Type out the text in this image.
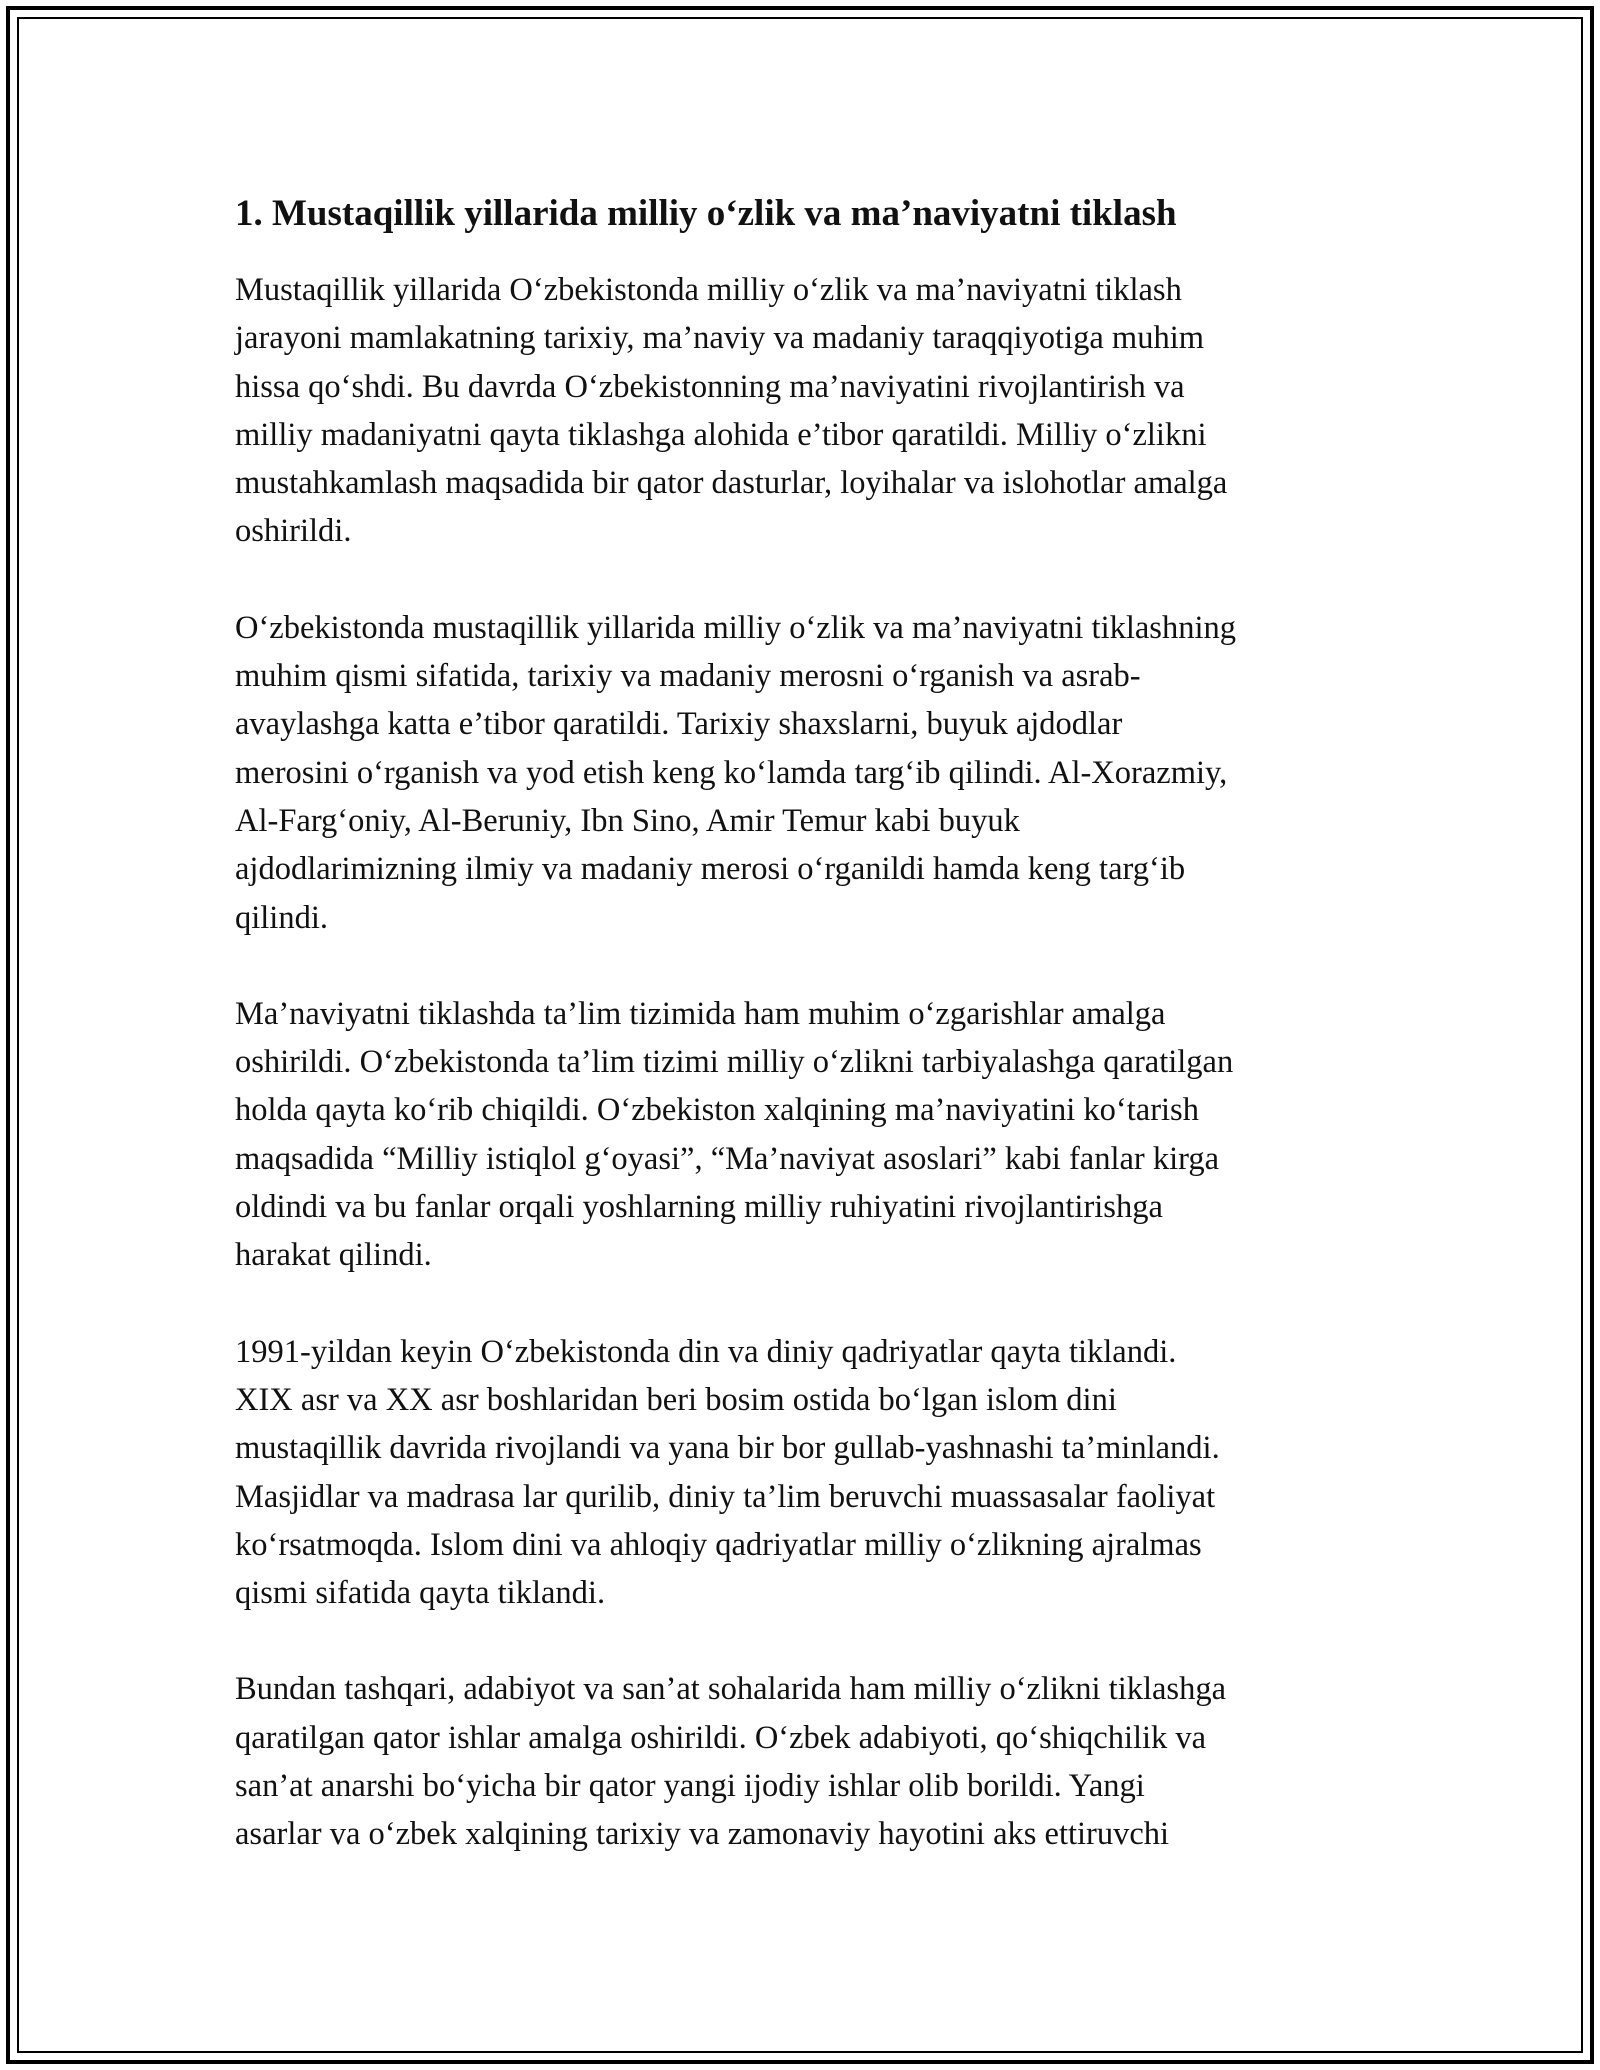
1. Mustaqillik yillarida milliy o‘zlik va ma’naviyatni tiklash

Mustaqillik yillarida O‘zbekistonda milliy o‘zlik va ma’naviyatni tiklash
jarayoni mamlakatning tarixiy, ma’naviy va madaniy taraqqiyotiga muhim
hissa qo‘shdi. Bu davrda O‘zbekistonning ma’naviyatini rivojlantirish va
milliy madaniyatni qayta tiklashga alohida e’tibor qaratildi. Milliy o‘zlikni
mustahkamlash maqsadida bir qator dasturlar, loyihalar va islohotlar amalga
oshirildi.

O‘zbekistonda mustaqillik yillarida milliy o‘zlik va ma’naviyatni tiklashning
muhim qismi sifatida, tarixiy va madaniy merosni o‘rganish va asrab-
avaylashga katta e’tibor qaratildi. Tarixiy shaxslarni, buyuk ajdodlar
merosini o‘rganish va yod etish keng ko‘lamda targ‘ib qilindi. Al-Xorazmiy,
Al-Farg‘oniy, Al-Beruniy, Ibn Sino, Amir Temur kabi buyuk
ajdodlarimizning ilmiy va madaniy merosi o‘rganildi hamda keng targ‘ib
qilindi.

Ma’naviyatni tiklashda ta’lim tizimida ham muhim o‘zgarishlar amalga
oshirildi. O‘zbekistonda ta’lim tizimi milliy o‘zlikni tarbiyalashga qaratilgan
holda qayta ko‘rib chiqildi. O‘zbekiston xalqining ma’naviyatini ko‘tarish
maqsadida “Milliy istiqlol g‘oyasi”, “Ma’naviyat asoslari” kabi fanlar kirga
oldindi va bu fanlar orqali yoshlarning milliy ruhiyatini rivojlantirishga
harakat qilindi.

1991-yildan keyin O‘zbekistonda din va diniy qadriyatlar qayta tiklandi.
XIX asr va XX asr boshlaridan beri bosim ostida bo‘lgan islom dini
mustaqillik davrida rivojlandi va yana bir bor gullab-yashnashi ta’minlandi.
Masjidlar va madrasa lar qurilib, diniy ta’lim beruvchi muassasalar faoliyat
ko‘rsatmoqda. Islom dini va ahloqiy qadriyatlar milliy o‘zlikning ajralmas
qismi sifatida qayta tiklandi.

Bundan tashqari, adabiyot va san’at sohalarida ham milliy o‘zlikni tiklashga
qaratilgan qator ishlar amalga oshirildi. O‘zbek adabiyoti, qo‘shiqchilik va
san’at anarshi bo‘yicha bir qator yangi ijodiy ishlar olib borildi. Yangi
asarlar va o‘zbek xalqining tarixiy va zamonaviy hayotini aks ettiruvchi
